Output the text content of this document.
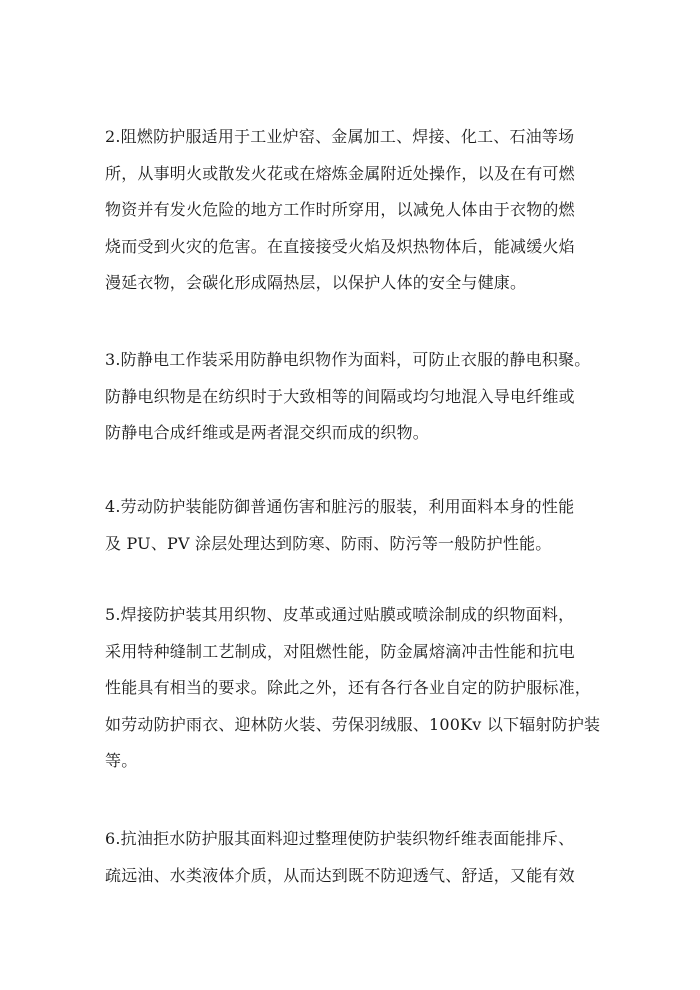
2.阻燃防护服适用于工业炉窑、金属加工、焊接、化工、石油等场
所，从事明火或散发火花或在熔炼金属附近处操作，以及在有可燃
物资并有发火危险的地方工作时所穿用，以减免人体由于衣物的燃
烧而受到火灾的危害。在直接接受火焰及炽热物体后，能减缓火焰
漫延衣物，会碳化形成隔热层，以保护人体的安全与健康。

3.防静电工作装采用防静电织物作为面料，可防止衣服的静电积聚。
防静电织物是在纺织时于大致相等的间隔或均匀地混入导电纤维或
防静电合成纤维或是两者混交织而成的织物。

4.劳动防护装能防御普通伤害和脏污的服装，利用面料本身的性能
及 PU、PV 涂层处理达到防寒、防雨、防污等一般防护性能。

5.焊接防护装其用织物、皮革或通过贴膜或喷涂制成的织物面料，
采用特种缝制工艺制成，对阻燃性能，防金属熔滴冲击性能和抗电
性能具有相当的要求。除此之外，还有各行各业自定的防护服标准，
如劳动防护雨衣、迎林防火装、劳保羽绒服、100Kv 以下辐射防护装
等。

6.抗油拒水防护服其面料迎过整理使防护装织物纤维表面能排斥、
疏远油、水类液体介质，从而达到既不防迎透气、舒适，又能有效
